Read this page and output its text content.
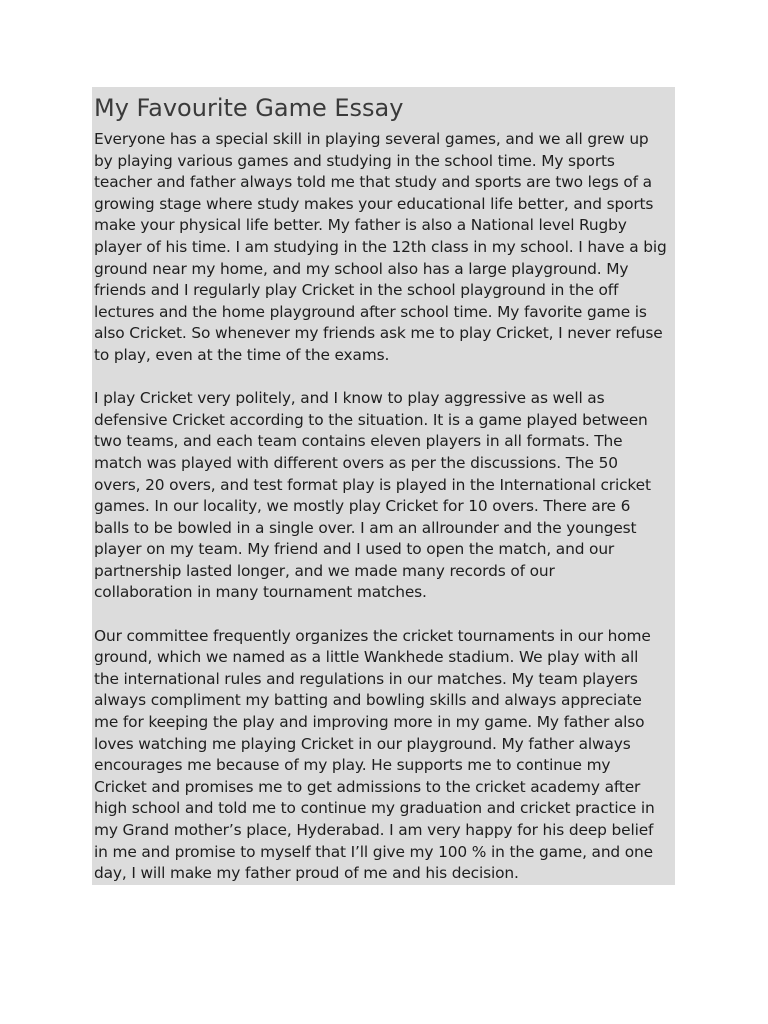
My Favourite Game Essay

Everyone has a special skill in playing several games, and we all grew up
by playing various games and studying in the school time. My sports
teacher and father always told me that study and sports are two legs of a
growing stage where study makes your educational life better, and sports
make your physical life better. My father is also a National level Rugby
player of his time. I am studying in the 12th class in my school. I have a big
ground near my home, and my school also has a large playground. My
friends and I regularly play Cricket in the school playground in the off
lectures and the home playground after school time. My favorite game is
also Cricket. So whenever my friends ask me to play Cricket, I never refuse
to play, even at the time of the exams.

I play Cricket very politely, and I know to play aggressive as well as
defensive Cricket according to the situation. It is a game played between
two teams, and each team contains eleven players in all formats. The
match was played with different overs as per the discussions. The 50
overs, 20 overs, and test format play is played in the International cricket
games. In our locality, we mostly play Cricket for 10 overs. There are 6
balls to be bowled in a single over. I am an allrounder and the youngest
player on my team. My friend and I used to open the match, and our
partnership lasted longer, and we made many records of our
collaboration in many tournament matches.

Our committee frequently organizes the cricket tournaments in our home
ground, which we named as a little Wankhede stadium. We play with all
the international rules and regulations in our matches. My team players
always compliment my batting and bowling skills and always appreciate
me for keeping the play and improving more in my game. My father also
loves watching me playing Cricket in our playground. My father always
encourages me because of my play. He supports me to continue my
Cricket and promises me to get admissions to the cricket academy after
high school and told me to continue my graduation and cricket practice in
my Grand mother’s place, Hyderabad. I am very happy for his deep belief
in me and promise to myself that I’ll give my 100 % in the game, and one
day, I will make my father proud of me and his decision.
